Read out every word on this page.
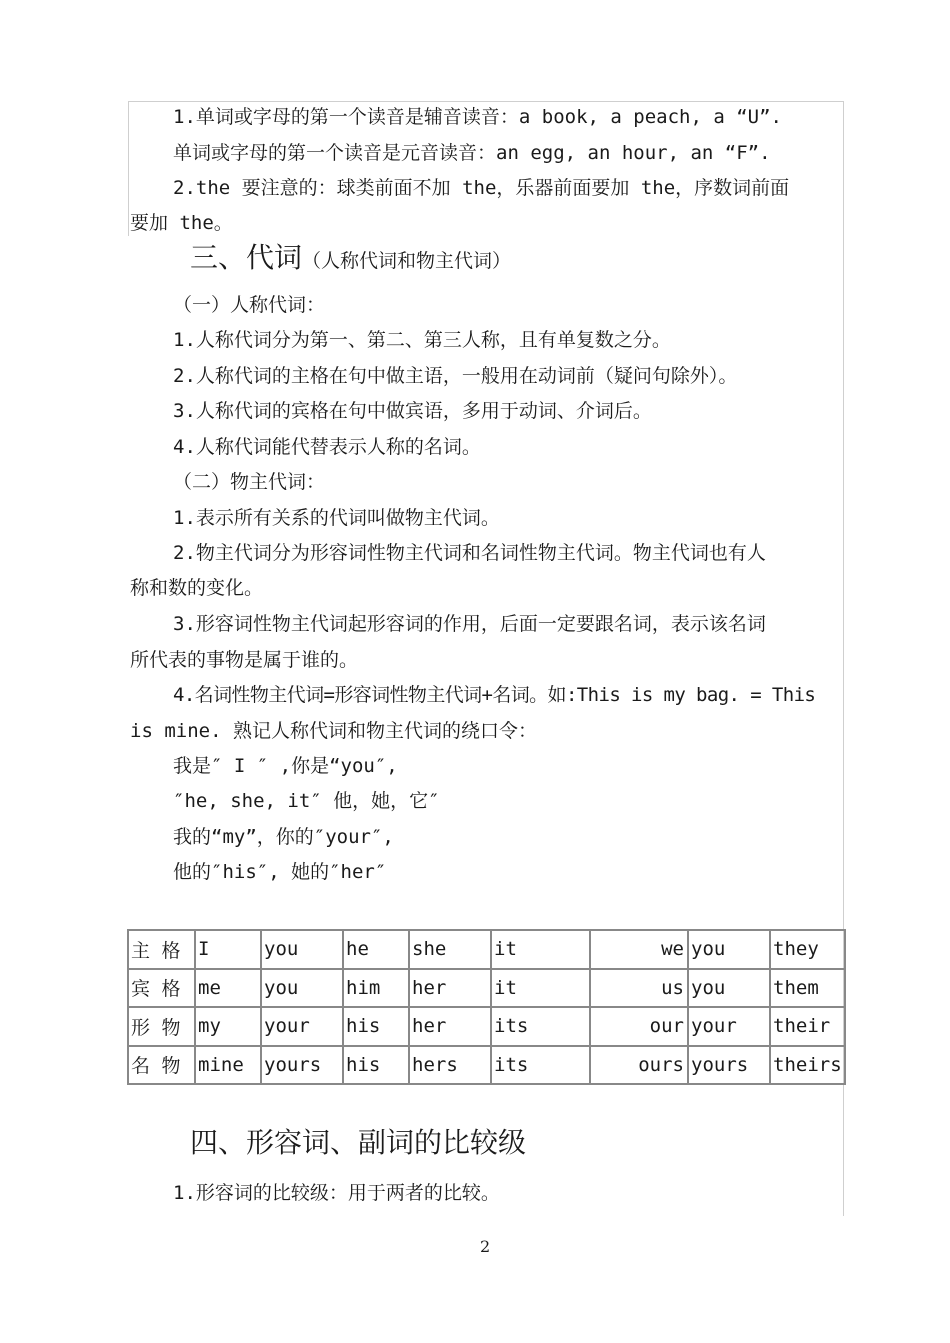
1.单词或字母的第一个读音是辅音读音：a book, a peach, a “U”.
单词或字母的第一个读音是元音读音：an egg, an hour, an “F”.
2.the 要注意的：球类前面不加 the，乐器前面要加 the，序数词前面
要加 the。
三、代词（人称代词和物主代词）
（一）人称代词：
1.人称代词分为第一、第二、第三人称，且有单复数之分。
2.人称代词的主格在句中做主语，一般用在动词前（疑问句除外）。
3.人称代词的宾格在句中做宾语，多用于动词、介词后。
4.人称代词能代替表示人称的名词。
（二）物主代词：
1.表示所有关系的代词叫做物主代词。
2.物主代词分为形容词性物主代词和名词性物主代词。物主代词也有人
称和数的变化。
3.形容词性物主代词起形容词的作用，后面一定要跟名词，表示该名词
所代表的事物是属于谁的。
4.名词性物主代词=形容词性物主代词+名词。如:This is my bag. = This
is mine. 熟记人称代词和物主代词的绕口令：
我是″ I ″ ,你是“you″,
″he, she, it″ 他，她，它″
我的“my”，你的″your″,
他的″his″, 她的″her″
主 格	I	you	he	she	it	we	you	they
宾 格	me	you	him	her	it	us	you	them
形 物	my	your	his	her	its	our	your	their
名 物	mine	yours	his	hers	its	ours	yours	theirs
四、形容词、副词的比较级
1.形容词的比较级：用于两者的比较。
2
